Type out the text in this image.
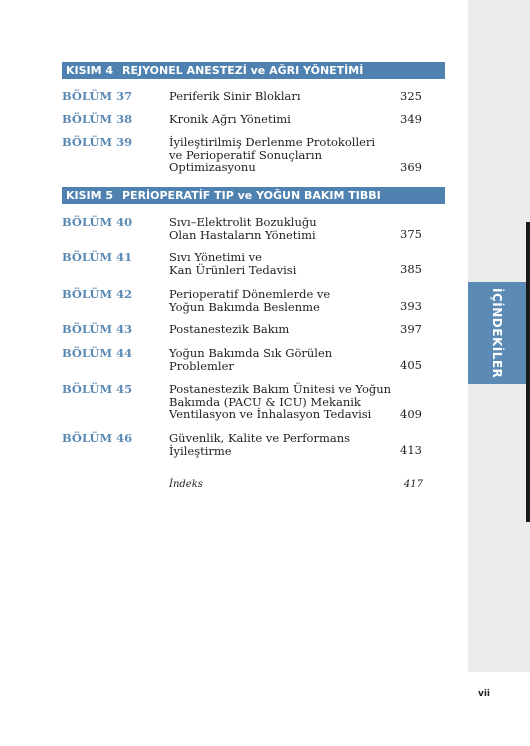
KISIM 4 REJYONEL ANESTEZİ ve AĞRI YÖNETİMİ
BÖLÜM 37	Periferik Sinir Blokları	325
BÖLÜM 38	Kronik Ağrı Yönetimi	349
BÖLÜM 39	İyileştirilmiş Derlenme Protokolleri
ve Perioperatif Sonuçların
Optimizasyonu	369
KISIM 5 PERİOPERATİF TIP ve YOĞUN BAKIM TIBBI
BÖLÜM 40	Sıvı–Elektrolit Bozukluğu
Olan Hastaların Yönetimi	375
BÖLÜM 41	Sıvı Yönetimi ve
Kan Ürünleri Tedavisi	385
BÖLÜM 42	Perioperatif Dönemlerde ve
Yoğun Bakımda Beslenme	393
BÖLÜM 43	Postanestezik Bakım	397
BÖLÜM 44	Yoğun Bakımda Sık Görülen
Problemler	405
BÖLÜM 45	Postanestezik Bakım Ünitesi ve Yoğun
Bakımda (PACU & ICU) Mekanik
Ventilasyon ve İnhalasyon Tedavisi	409
BÖLÜM 46	Güvenlik, Kalite ve Performans
İyileştirme	413
İndeks	417
İÇİNDEKİLER
vii
